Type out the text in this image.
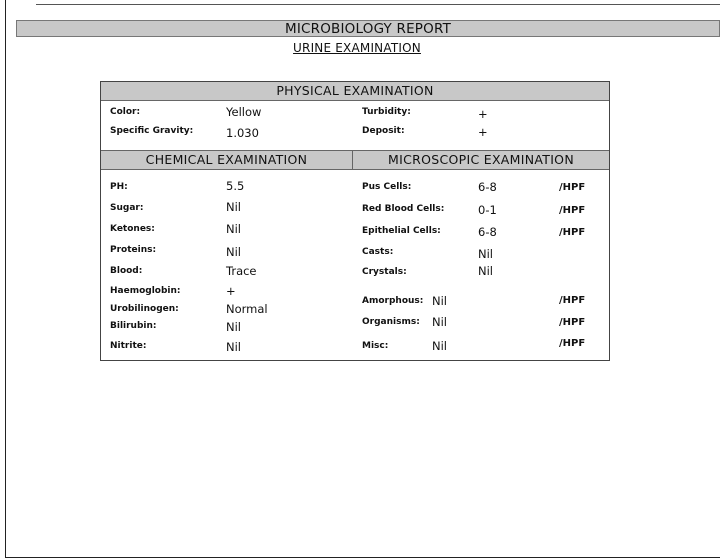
MICROBIOLOGY REPORT
URINE EXAMINATION
PHYSICAL EXAMINATION
Color:	Yellow	Turbidity:	+
Specific Gravity:	1.030	Deposit:	+
CHEMICAL EXAMINATION	MICROSCOPIC EXAMINATION
PH:	5.5
Sugar:	Nil
Ketones:	Nil
Proteins:	Nil
Blood:	Trace
Haemoglobin:	+
Urobilinogen:	Normal
Bilirubin:	Nil
Nitrite:	Nil
Pus Cells:	6-8	/HPF
Red Blood Cells:	0-1	/HPF
Epithelial Cells:	6-8	/HPF
Casts:	Nil
Crystals:	Nil
Amorphous: Nil	/HPF
Organisms: Nil	/HPF
Misc:	Nil	/HPF
